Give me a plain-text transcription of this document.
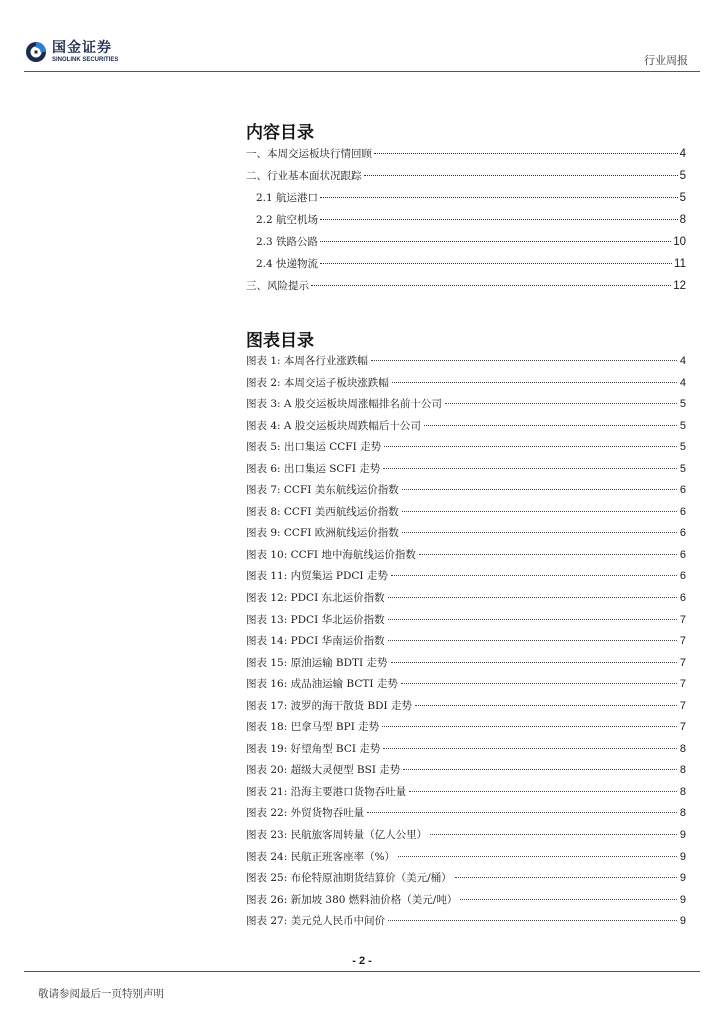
国金证券
SINOLINK SECURITIES	行业周报
内容目录
一、本周交运板块行情回顾	4
二、行业基本面状况跟踪	5
2.1 航运港口	5
2.2 航空机场	8
2.3 铁路公路	10
2.4 快递物流	11
三、风险提示	12
图表目录
图表 1: 本周各行业涨跌幅	4
图表 2: 本周交运子板块涨跌幅	4
图表 3: A 股交运板块周涨幅排名前十公司	5
图表 4: A 股交运板块周跌幅后十公司	5
图表 5: 出口集运 CCFI 走势	5
图表 6: 出口集运 SCFI 走势	5
图表 7: CCFI 美东航线运价指数	6
图表 8: CCFI 美西航线运价指数	6
图表 9: CCFI 欧洲航线运价指数	6
图表 10: CCFI 地中海航线运价指数	6
图表 11: 内贸集运 PDCI 走势	6
图表 12: PDCI 东北运价指数	6
图表 13: PDCI 华北运价指数	7
图表 14: PDCI 华南运价指数	7
图表 15: 原油运输 BDTI 走势	7
图表 16: 成品油运输 BCTI 走势	7
图表 17: 波罗的海干散货 BDI 走势	7
图表 18: 巴拿马型 BPI 走势	7
图表 19: 好望角型 BCI 走势	8
图表 20: 超级大灵便型 BSI 走势	8
图表 21: 沿海主要港口货物吞吐量	8
图表 22: 外贸货物吞吐量	8
图表 23: 民航旅客周转量（亿人公里）	9
图表 24: 民航正班客座率（%）	9
图表 25: 布伦特原油期货结算价（美元/桶）	9
图表 26: 新加坡 380 燃料油价格（美元/吨）	9
图表 27: 美元兑人民币中间价	9
- 2 -
敬请参阅最后一页特别声明
